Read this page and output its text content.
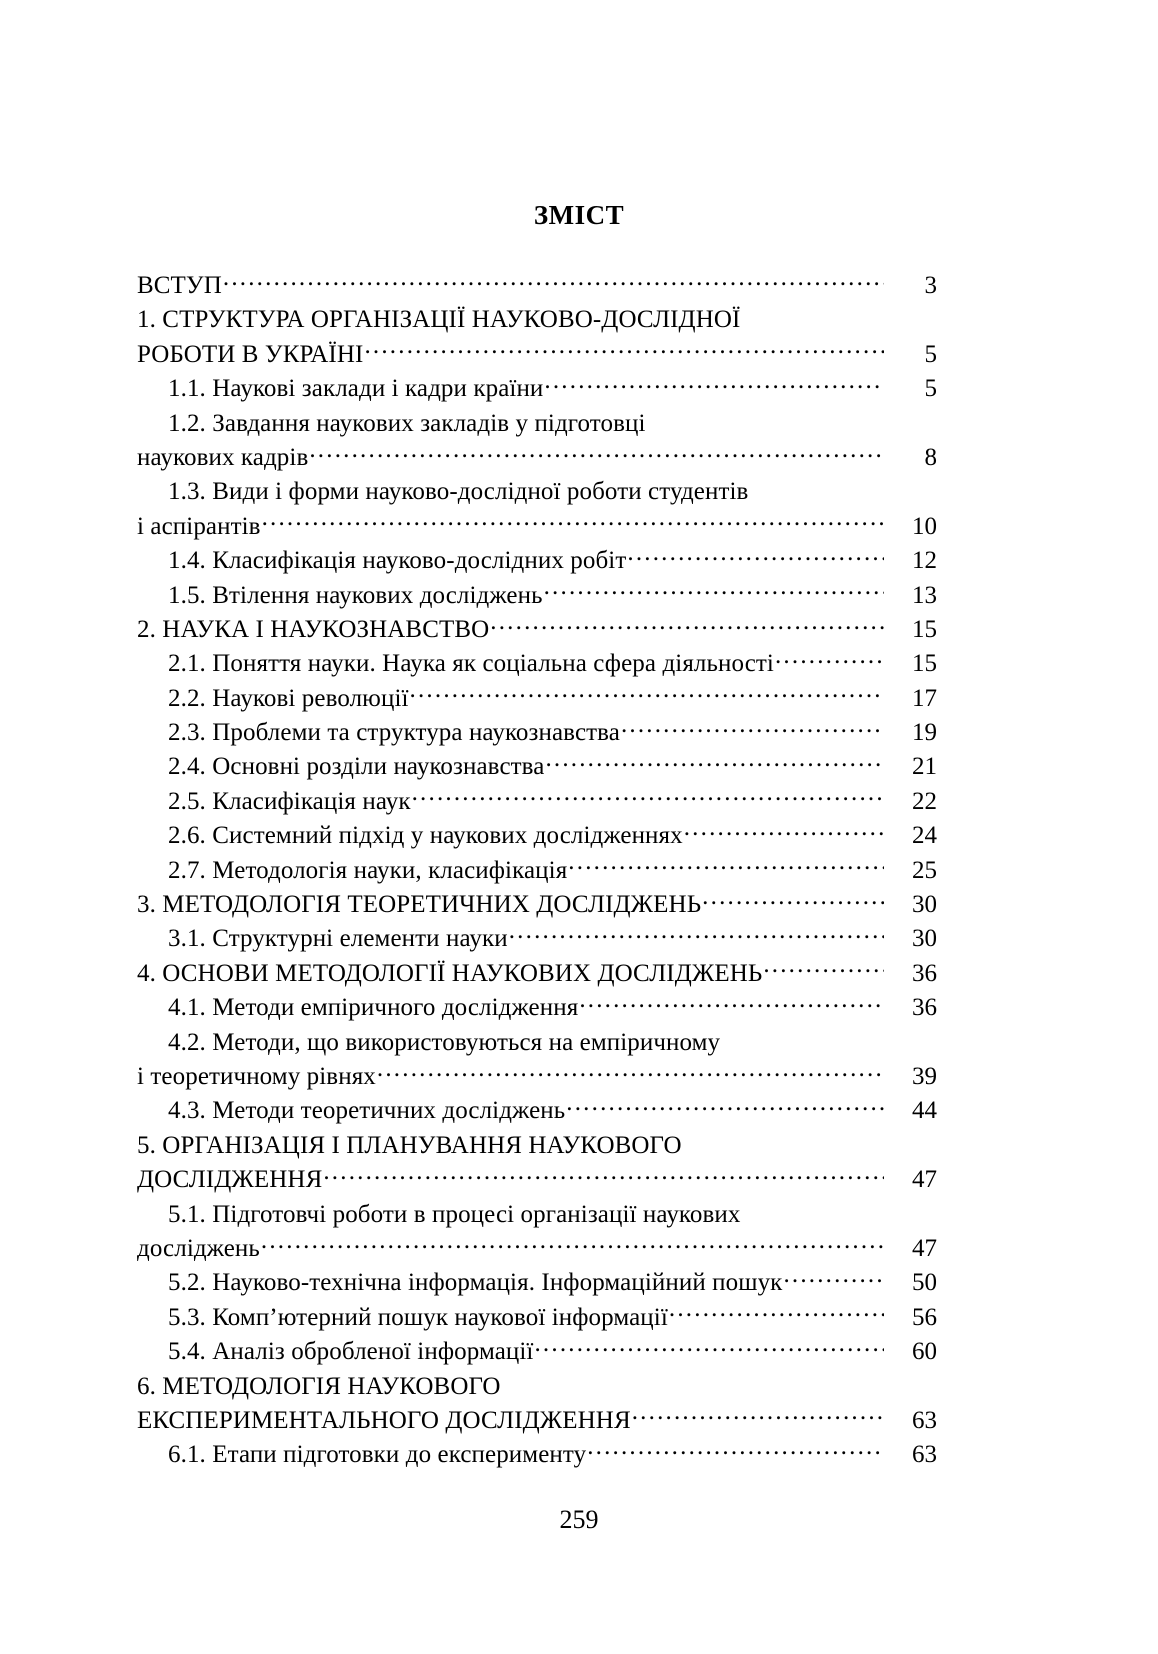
ЗМІСТ
ВСТУП .....	3
1. СТРУКТУРА ОРГАНІЗАЦІЇ НАУКОВО-ДОСЛІДНОЇ
РОБОТИ В УКРАЇНІ .....	5
1.1. Наукові заклади і кадри країни .....	5
1.2. Завдання наукових закладів у підготовці
наукових кадрів .....	8
1.3. Види і форми науково-дослідної роботи студентів
і аспірантів .....	10
1.4. Класифікація науково-дослідних робіт .....	12
1.5. Втілення наукових досліджень .....	13
2. НАУКА І НАУКОЗНАВСТВО .....	15
2.1. Поняття науки. Наука як соціальна сфера діяльності .....	15
2.2. Наукові революції .....	17
2.3. Проблеми та структура наукознавства .....	19
2.4. Основні розділи наукознавства .....	21
2.5. Класифікація наук .....	22
2.6. Системний підхід у наукових дослідженнях .....	24
2.7. Методологія науки, класифікація .....	25
3. МЕТОДОЛОГІЯ ТЕОРЕТИЧНИХ ДОСЛІДЖЕНЬ .....	30
3.1. Структурні елементи науки .....	30
4. ОСНОВИ МЕТОДОЛОГІЇ НАУКОВИХ ДОСЛІДЖЕНЬ .....	36
4.1. Методи емпіричного дослідження .....	36
4.2. Методи, що використовуються на емпіричному
і теоретичному рівнях .....	39
4.3. Методи теоретичних досліджень .....	44
5. ОРГАНІЗАЦІЯ І ПЛАНУВАННЯ НАУКОВОГО
ДОСЛІДЖЕННЯ .....	47
5.1. Підготовчі роботи в процесі організації наукових
досліджень .....	47
5.2. Науково-технічна інформація. Інформаційний пошук .....	50
5.3. Комп’ютерний пошук наукової інформації .....	56
5.4. Аналіз обробленої інформації .....	60
6. МЕТОДОЛОГІЯ НАУКОВОГО
ЕКСПЕРИМЕНТАЛЬНОГО ДОСЛІДЖЕННЯ .....	63
6.1. Етапи підготовки до експерименту .....	63
259
